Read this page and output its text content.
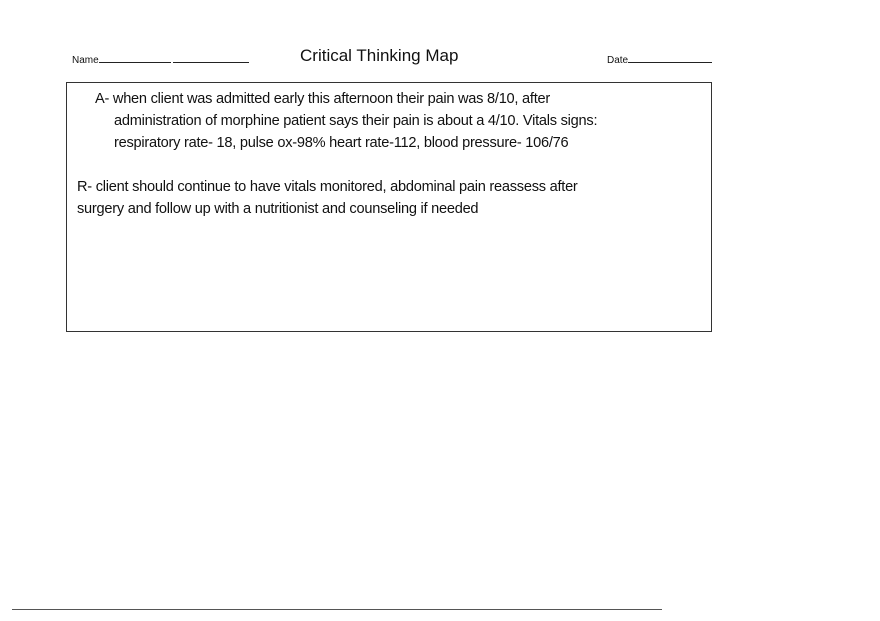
Name	Critical Thinking Map	Date
A- when client was admitted early this afternoon their pain was 8/10, after
administration of morphine patient says their pain is about a 4/10. Vitals signs:
respiratory rate- 18, pulse ox-98% heart rate-112, blood pressure- 106/76
R- client should continue to have vitals monitored, abdominal pain reassess after
surgery and follow up with a nutritionist and counseling if needed
